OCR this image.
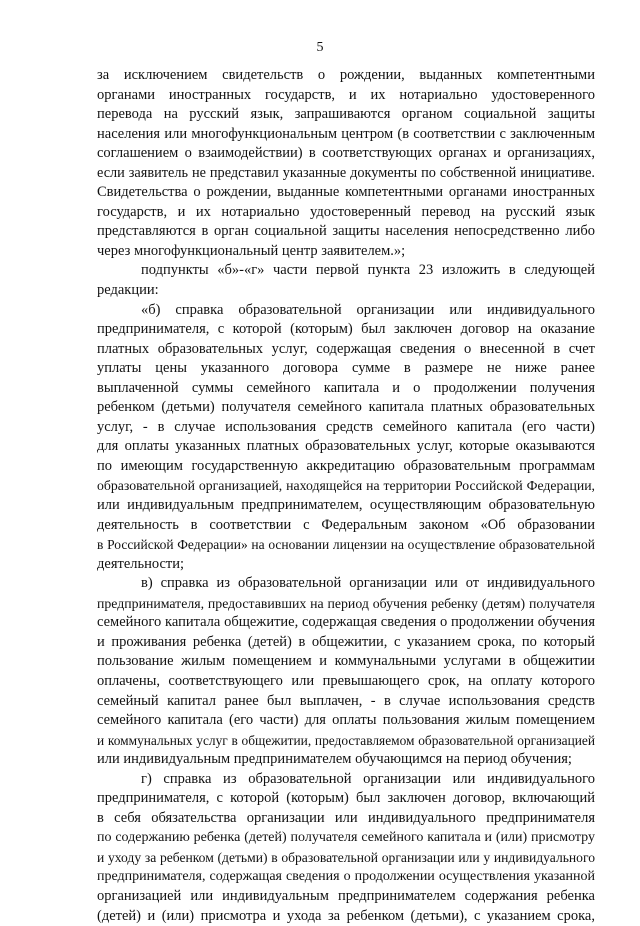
5
за исключением свидетельств о рождении, выданных компетентными
органами иностранных государств, и их нотариально удостоверенного
перевода на русский язык, запрашиваются органом социальной защиты
населения или многофункциональным центром (в соответствии с заключенным
соглашением о взаимодействии) в соответствующих органах и организациях,
если заявитель не представил указанные документы по собственной инициативе.
Свидетельства о рождении, выданные компетентными органами иностранных
государств, и их нотариально удостоверенный перевод на русский язык
представляются в орган социальной защиты населения непосредственно либо
через многофункциональный центр заявителем.»;
подпункты «б»-«г» части первой пункта 23 изложить в следующей
редакции:
«б) справка образовательной организации или индивидуального
предпринимателя, с которой (которым) был заключен договор на оказание
платных образовательных услуг, содержащая сведения о внесенной в счет
уплаты цены указанного договора сумме в размере не ниже ранее
выплаченной суммы семейного капитала и о продолжении получения
ребенком (детьми) получателя семейного капитала платных образовательных
услуг, - в случае использования средств семейного капитала (его части)
для оплаты указанных платных образовательных услуг, которые оказываются
по имеющим государственную аккредитацию образовательным программам
образовательной организацией, находящейся на территории Российской Федерации,
или индивидуальным предпринимателем, осуществляющим образовательную
деятельность в соответствии с Федеральным законом «Об образовании
в Российской Федерации» на основании лицензии на осуществление образовательной
деятельности;
в) справка из образовательной организации или от индивидуального
предпринимателя, предоставивших на период обучения ребенку (детям) получателя
семейного капитала общежитие, содержащая сведения о продолжении обучения
и проживания ребенка (детей) в общежитии, с указанием срока, по который
пользование жилым помещением и коммунальными услугами в общежитии
оплачены, соответствующего или превышающего срок, на оплату которого
семейный капитал ранее был выплачен, - в случае использования средств
семейного капитала (его части) для оплаты пользования жилым помещением
и коммунальных услуг в общежитии, предоставляемом образовательной организацией
или индивидуальным предпринимателем обучающимся на период обучения;
г) справка из образовательной организации или индивидуального
предпринимателя, с которой (которым) был заключен договор, включающий
в себя обязательства организации или индивидуального предпринимателя
по содержанию ребенка (детей) получателя семейного капитала и (или) присмотру
и уходу за ребенком (детьми) в образовательной организации или у индивидуального
предпринимателя, содержащая сведения о продолжении осуществления указанной
организацией или индивидуальным предпринимателем содержания ребенка
(детей) и (или) присмотра и ухода за ребенком (детьми), с указанием срока,
